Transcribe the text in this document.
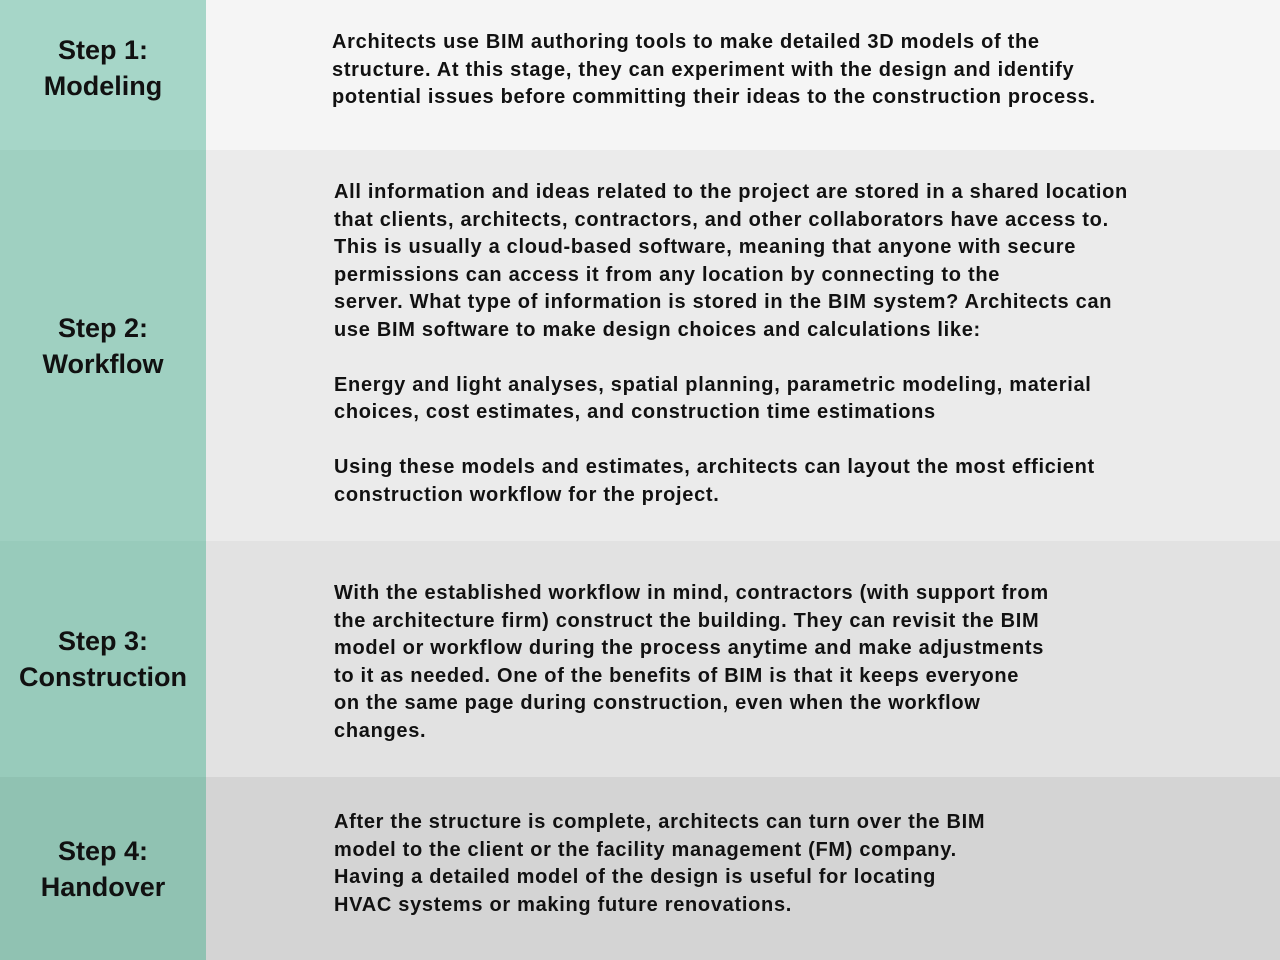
Step 1:
Modeling

Architects use BIM authoring tools to make detailed 3D models of the
structure. At this stage, they can experiment with the design and identify
potential issues before committing their ideas to the construction process.

Step 2:
Workflow

All information and ideas related to the project are stored in a shared location
that clients, architects, contractors, and other collaborators have access to.
This is usually a cloud-based software, meaning that anyone with secure
permissions can access it from any location by connecting to the
server. What type of information is stored in the BIM system? Architects can
use BIM software to make design choices and calculations like:

Energy and light analyses, spatial planning, parametric modeling, material
choices, cost estimates, and construction time estimations

Using these models and estimates, architects can layout the most efficient
construction workflow for the project.

Step 3:
Construction

With the established workflow in mind, contractors (with support from
the architecture firm) construct the building. They can revisit the BIM
model or workflow during the process anytime and make adjustments
to it as needed. One of the benefits of BIM is that it keeps everyone
on the same page during construction, even when the workflow
changes.

Step 4:
Handover

After the structure is complete, architects can turn over the BIM
model to the client or the facility management (FM) company.
Having a detailed model of the design is useful for locating
HVAC systems or making future renovations.
